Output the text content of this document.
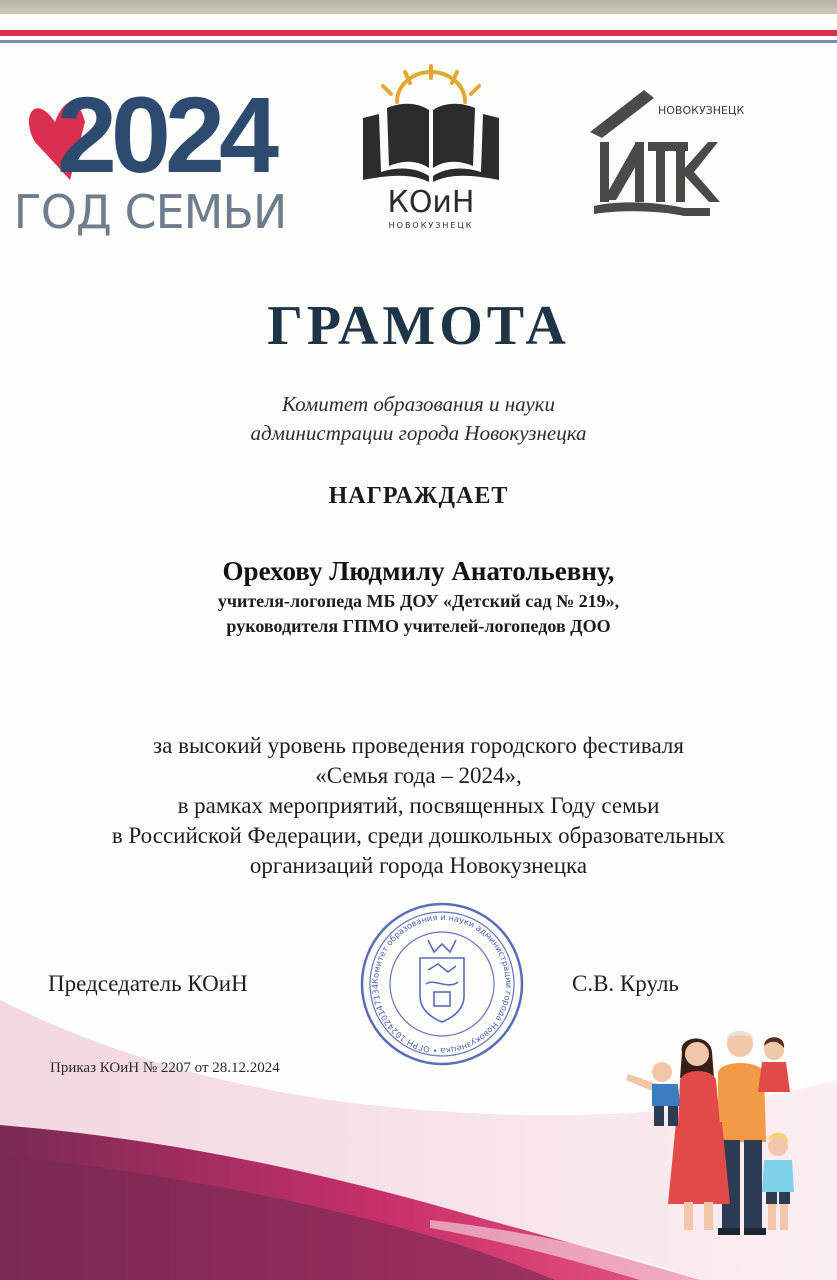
2024
ГОД СЕМЬИ	КОиН
НОВОКУЗНЕЦК
НОВОКУЗНЕЦК
ГРАМОТА
Комитет образования и науки
администрации города Новокузнецка
НАГРАЖДАЕТ
Орехову Людмилу Анатольевну,
учителя-логопеда МБ ДОУ «Детский сад № 219»,
руководителя ГПМО учителей-логопедов ДОО
за высокий уровень проведения городского фестиваля
«Семья года – 2024»,
в рамках мероприятий, посвященных Году семьи
в Российской Федерации, среди дошкольных образовательных
организаций города Новокузнецка
Председатель КОиН	С.В. Круль
Комитет образования и науки администрации города Новокузнецка • ОГРН 102420147134
Приказ КОиН № 2207 от 28.12.2024
